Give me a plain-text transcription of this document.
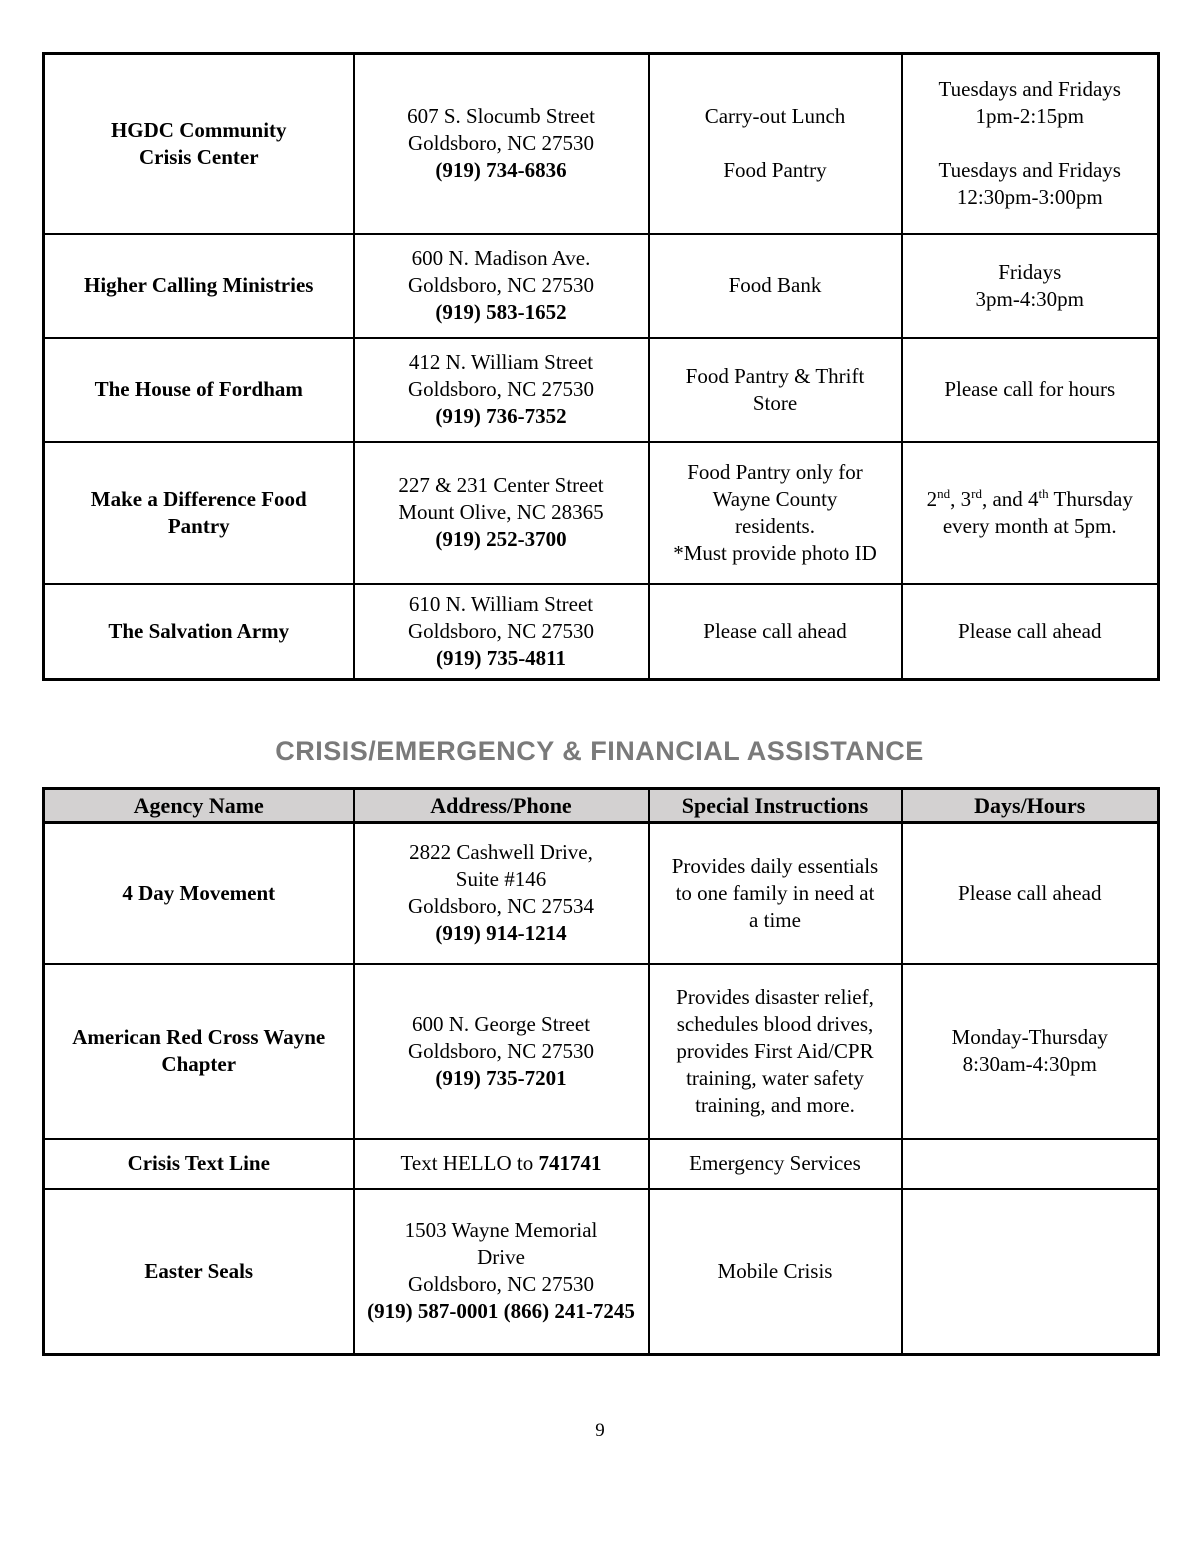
HGDC Community
Crisis Center	607 S. Slocumb Street
Goldsboro, NC 27530
(919) 734-6836	Carry-out Lunch
Food Pantry	Tuesdays and Fridays
1pm-2:15pm
Tuesdays and Fridays
12:30pm-3:00pm

Higher Calling Ministries	600 N. Madison Ave.
Goldsboro, NC 27530
(919) 583-1652	Food Bank	Fridays
3pm-4:30pm

The House of Fordham	412 N. William Street
Goldsboro, NC 27530
(919) 736-7352	Food Pantry & Thrift
Store	Please call for hours

Make a Difference Food
Pantry	227 & 231 Center Street
Mount Olive, NC 28365
(919) 252-3700	Food Pantry only for
Wayne County
residents.
*Must provide photo ID	2nd, 3rd, and 4th Thursday
every month at 5pm.

The Salvation Army	610 N. William Street
Goldsboro, NC 27530
(919) 735-4811	Please call ahead	Please call ahead
CRISIS/EMERGENCY & FINANCIAL ASSISTANCE
Agency Name	Address/Phone	Special Instructions	Days/Hours

4 Day Movement	2822 Cashwell Drive,
Suite #146
Goldsboro, NC 27534
(919) 914-1214	Provides daily essentials
to one family in need at
a time	Please call ahead

American Red Cross Wayne
Chapter	600 N. George Street
Goldsboro, NC 27530
(919) 735-7201	Provides disaster relief,
schedules blood drives,
provides First Aid/CPR
training, water safety
training, and more.	Monday-Thursday
8:30am-4:30pm

Crisis Text Line	Text HELLO to 741741	Emergency Services	

Easter Seals	1503 Wayne Memorial
Drive
Goldsboro, NC 27530
(919) 587-0001 (866) 241-7245	Mobile Crisis	

9
